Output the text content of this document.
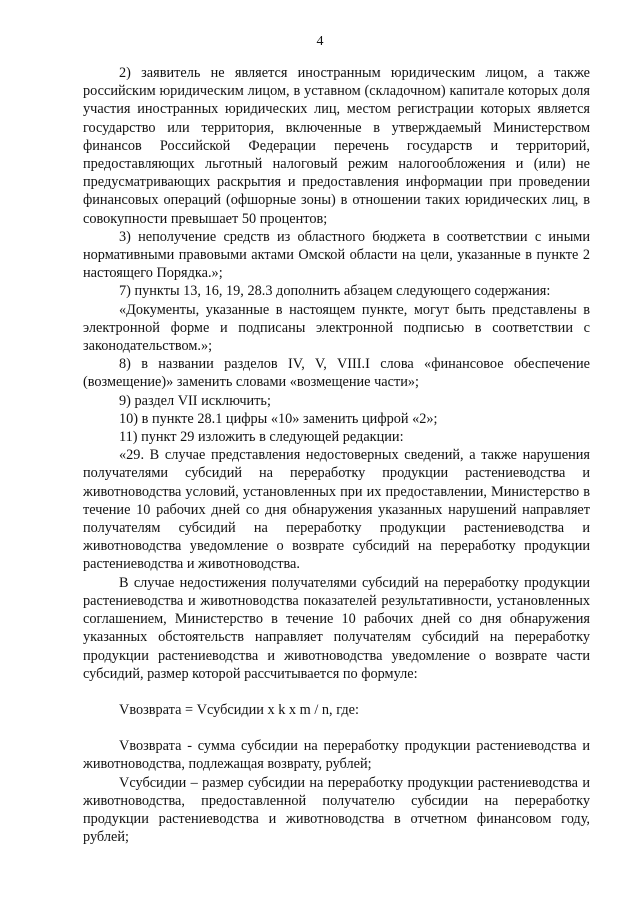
4

2) заявитель не является иностранным юридическим лицом, а также российским юридическим лицом, в уставном (складочном) капитале которых доля участия иностранных юридических лиц, местом регистрации которых является государство или территория, включенные в утверждаемый Министерством финансов Российской Федерации перечень государств и территорий, предоставляющих льготный налоговый режим налогообложения и (или) не предусматривающих раскрытия и предоставления информации при проведении финансовых операций (офшорные зоны) в отношении таких юридических лиц, в совокупности превышает 50 процентов;

3) неполучение средств из областного бюджета в соответствии с иными нормативными правовыми актами Омской области на цели, указанные в пункте 2 настоящего Порядка.»;

7) пункты 13, 16, 19, 28.3 дополнить абзацем следующего содержания:

«Документы, указанные в настоящем пункте, могут быть представлены в электронной форме и подписаны электронной подписью в соответствии с законодательством.»;

8) в названии разделов IV, V, VIII.I слова «финансовое обеспечение (возмещение)» заменить словами «возмещение части»;

9) раздел VII исключить;

10) в пункте 28.1 цифры «10» заменить цифрой «2»;

11) пункт 29 изложить в следующей редакции:

«29. В случае представления недостоверных сведений, а также нарушения получателями субсидий на переработку продукции растениеводства и животноводства условий, установленных при их предоставлении, Министерство в течение 10 рабочих дней со дня обнаружения указанных нарушений направляет получателям субсидий на переработку продукции растениеводства и животноводства уведомление о возврате субсидий на переработку продукции растениеводства и животноводства.

В случае недостижения получателями субсидий на переработку продукции растениеводства и животноводства показателей результативности, установленных соглашением, Министерство в течение 10 рабочих дней со дня обнаружения указанных обстоятельств направляет получателям субсидий на переработку продукции растениеводства и животноводства уведомление о возврате части субсидий, размер которой рассчитывается по формуле:

Vвозврата = Vсубсидии x k x m / n, где:

Vвозврата - сумма субсидии на переработку продукции растениеводства и животноводства, подлежащая возврату, рублей;

Vсубсидии – размер субсидии на переработку продукции растениеводства и животноводства, предоставленной получателю субсидии на переработку продукции растениеводства и животноводства в отчетном финансовом году, рублей;
